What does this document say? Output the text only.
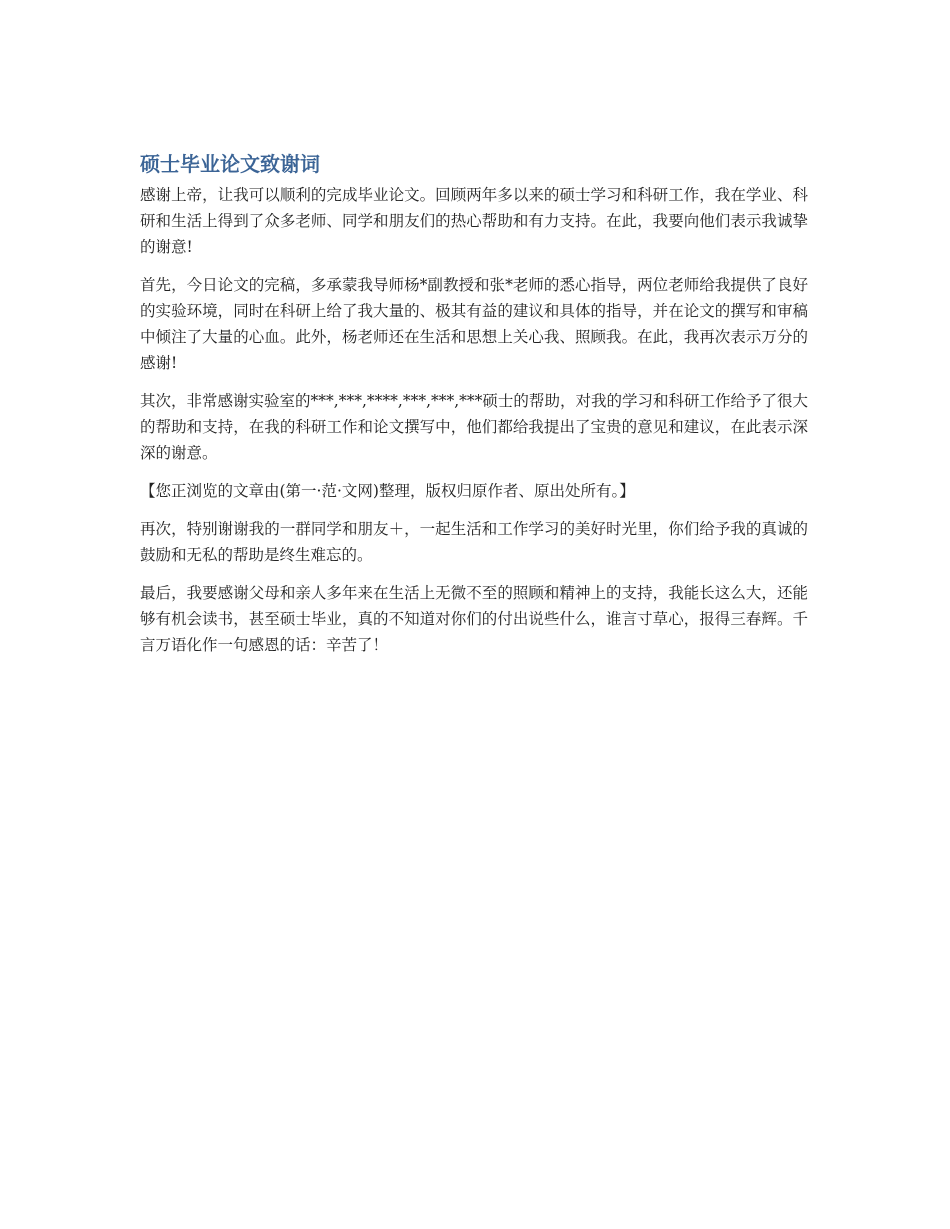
硕士毕业论文致谢词

感谢上帝，让我可以顺利的完成毕业论文。回顾两年多以来的硕士学习和科研工作，我在学业、科研和生活上得到了众多老师、同学和朋友们的热心帮助和有力支持。在此，我要向他们表示我诚挚的谢意!

首先，今日论文的完稿，多承蒙我导师杨*副教授和张*老师的悉心指导，两位老师给我提供了良好的实验环境，同时在科研上给了我大量的、极其有益的建议和具体的指导，并在论文的撰写和审稿中倾注了大量的心血。此外，杨老师还在生活和思想上关心我、照顾我。在此，我再次表示万分的感谢!

其次，非常感谢实验室的***,***,****,***,***,***硕士的帮助，对我的学习和科研工作给予了很大的帮助和支持，在我的科研工作和论文撰写中，他们都给我提出了宝贵的意见和建议，在此表示深深的谢意。

【您正浏览的文章由(第一·范·文网)整理，版权归原作者、原出处所有。】

再次，特别谢谢我的一群同学和朋友＋，一起生活和工作学习的美好时光里，你们给予我的真诚的鼓励和无私的帮助是终生难忘的。

最后，我要感谢父母和亲人多年来在生活上无微不至的照顾和精神上的支持，我能长这么大，还能够有机会读书，甚至硕士毕业，真的不知道对你们的付出说些什么，谁言寸草心，报得三春辉。千言万语化作一句感恩的话：辛苦了！
